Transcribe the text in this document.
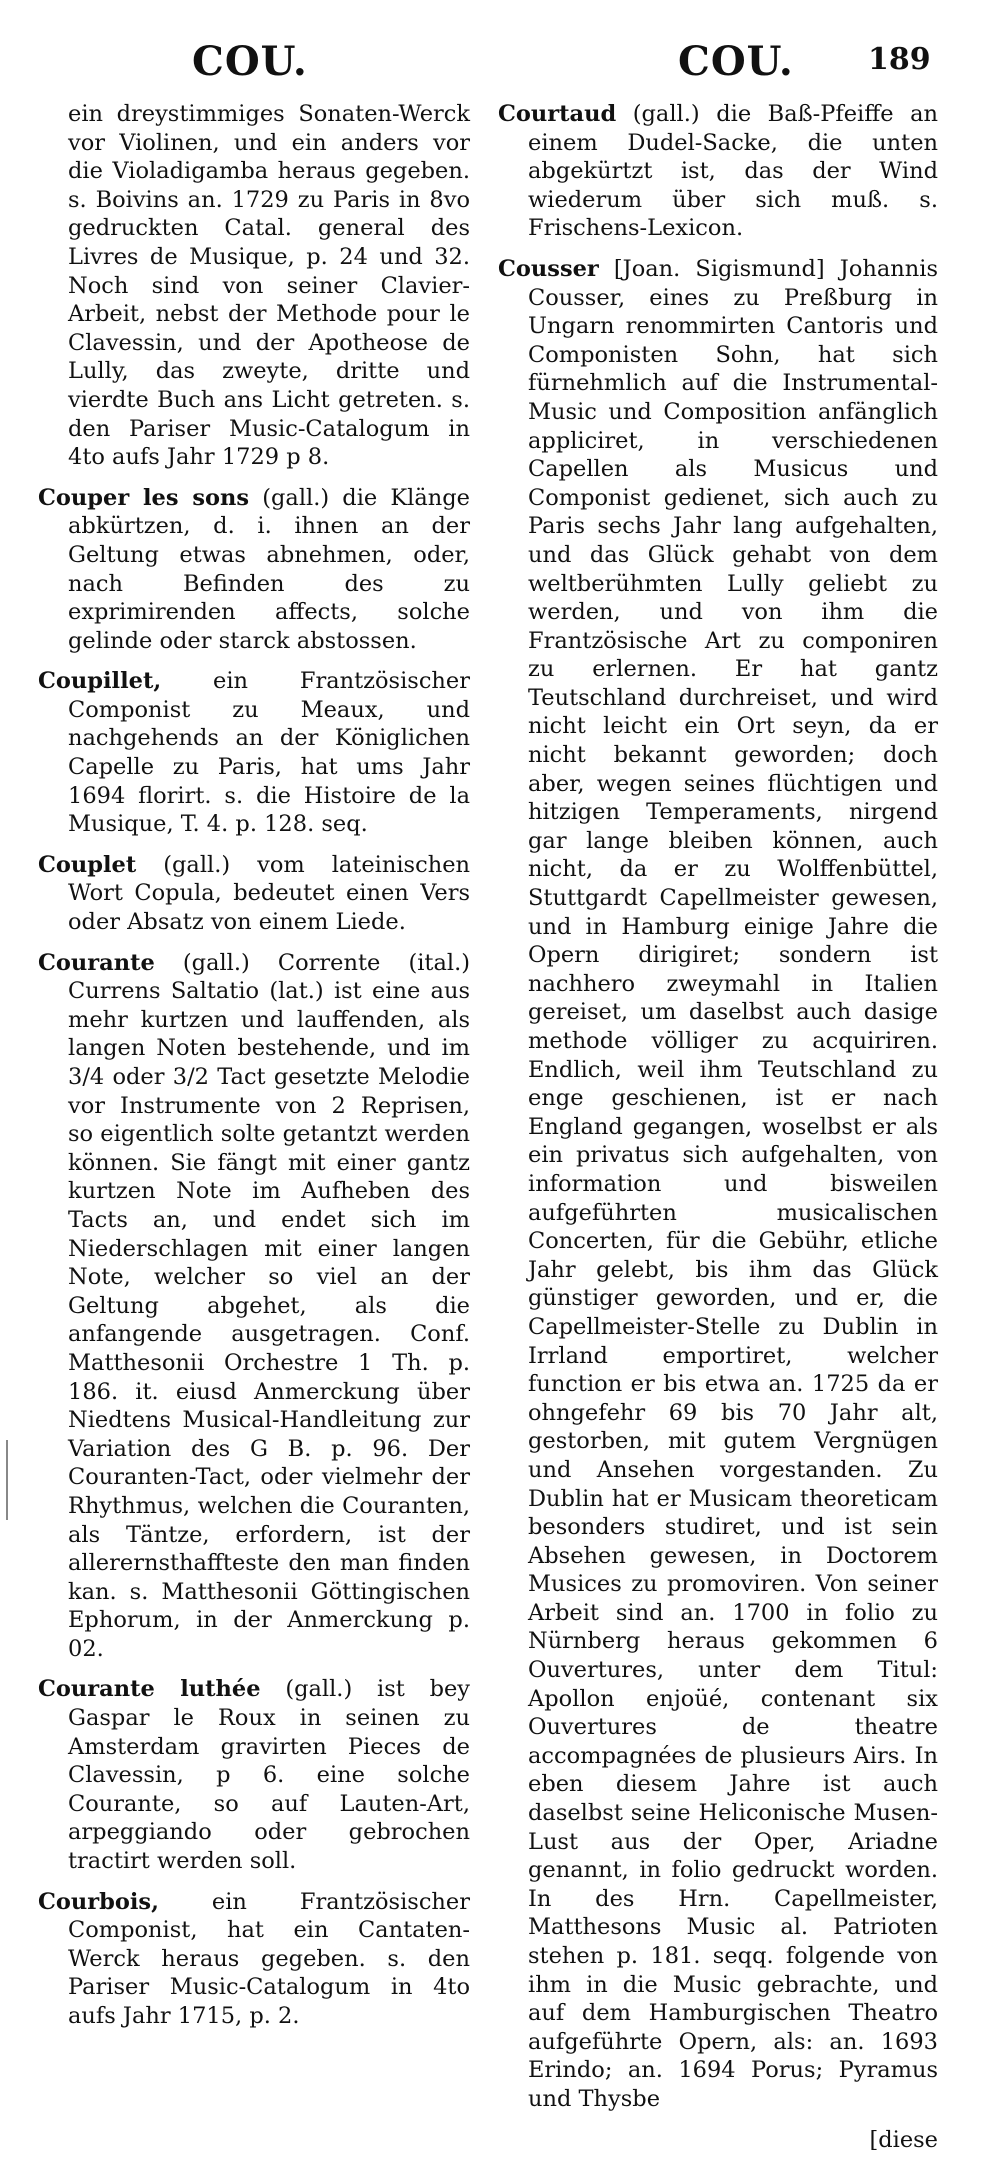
COU.	COU. 189

ein dreystimmiges Sonaten-Werck vor Violinen, und ein anders vor die Violadigamba heraus gegeben. s. Boivins an. 1729 zu Paris in 8vo gedruckten Catal. general des Livres de Musique, p. 24 und 32. Noch sind von seiner Clavier-Arbeit, nebst der Methode pour le Clavessin, und der Apotheose de Lully, das zweyte, dritte und vierdte Buch ans Licht getreten. s. den Pariser Music-Catalogum in 4to aufs Jahr 1729 p 8.

Couper les sons (gall.) die Klänge abkürtzen, d. i. ihnen an der Geltung etwas abnehmen, oder, nach Befinden des zu exprimirenden affects, solche gelinde oder starck abstossen.

Coupillet, ein Frantzösischer Componist zu Meaux, und nachgehends an der Königlichen Capelle zu Paris, hat ums Jahr 1694 florirt. s. die Histoire de la Musique, T. 4. p. 128. seq.

Couplet (gall.) vom lateinischen Wort Copula, bedeutet einen Vers oder Absatz von einem Liede.

Courante (gall.) Corrente (ital.) Currens Saltatio (lat.) ist eine aus mehr kurtzen und lauffenden, als langen Noten bestehende, und im 3/4 oder 3/2 Tact gesetzte Melodie vor Instrumente von 2 Reprisen, so eigentlich solte getantzt werden können. Sie fängt mit einer gantz kurtzen Note im Aufheben des Tacts an, und endet sich im Niederschlagen mit einer langen Note, welcher so viel an der Geltung abgehet, als die anfangende ausgetragen. Conf. Matthesonii Orchestre 1 Th. p. 186. it. eiusd Anmerckung über Niedtens Musical-Handleitung zur Variation des G B. p. 96. Der Couranten-Tact, oder vielmehr der Rhythmus, welchen die Couranten, als Täntze, erfordern, ist der allerernsthaffteste den man finden kan. s. Matthesonii Göttingischen Ephorum, in der Anmerckung p. 02.

Courante luthée (gall.) ist bey Gaspar le Roux in seinen zu Amsterdam gravirten Pieces de Clavessin, p 6. eine solche Courante, so auf Lauten-Art, arpeggiando oder gebrochen tractirt werden soll.

Courbois, ein Frantzösischer Componist, hat ein Cantaten-Werck heraus gegeben. s. den Pariser Music-Catalogum in 4to aufs Jahr 1715, p. 2.

Courtaud (gall.) die Baß-Pfeiffe an einem Dudel-Sacke, die unten abgekürtzt ist, das der Wind wiederum über sich muß. s. Frischens-Lexicon.

Cousser [Joan. Sigismund] Johannis Cousser, eines zu Preßburg in Ungarn renommirten Cantoris und Componisten Sohn, hat sich fürnehmlich auf die Instrumental-Music und Composition anfänglich appliciret, in verschiedenen Capellen als Musicus und Componist gedienet, sich auch zu Paris sechs Jahr lang aufgehalten, und das Glück gehabt von dem weltberühmten Lully geliebt zu werden, und von ihm die Frantzösische Art zu componiren zu erlernen. Er hat gantz Teutschland durchreiset, und wird nicht leicht ein Ort seyn, da er nicht bekannt geworden; doch aber, wegen seines flüchtigen und hitzigen Temperaments, nirgend gar lange bleiben können, auch nicht, da er zu Wolffenbüttel, Stuttgardt Capellmeister gewesen, und in Hamburg einige Jahre die Opern dirigiret; sondern ist nachhero zweymahl in Italien gereiset, um daselbst auch dasige methode völliger zu acquiriren. Endlich, weil ihm Teutschland zu enge geschienen, ist er nach England gegangen, woselbst er als ein privatus sich aufgehalten, von information und bisweilen aufgeführten musicalischen Concerten, für die Gebühr, etliche Jahr gelebt, bis ihm das Glück günstiger geworden, und er, die Capellmeister-Stelle zu Dublin in Irrland emportiret, welcher function er bis etwa an. 1725 da er ohngefehr 69 bis 70 Jahr alt, gestorben, mit gutem Vergnügen und Ansehen vorgestanden. Zu Dublin hat er Musicam theoreticam besonders studiret, und ist sein Absehen gewesen, in Doctorem Musices zu promoviren. Von seiner Arbeit sind an. 1700 in folio zu Nürnberg heraus gekommen 6 Ouvertures, unter dem Titul: Apollon enjoüé, contenant six Ouvertures de theatre accompagnées de plusieurs Airs. In eben diesem Jahre ist auch daselbst seine Heliconische Musen-Lust aus der Oper, Ariadne genannt, in folio gedruckt worden. In des Hrn. Capellmeister, Matthesons Music al. Patrioten stehen p. 181. seqq. folgende von ihm in die Music gebrachte, und auf dem Hamburgischen Theatro aufgeführte Opern, als: an. 1693 Erindo; an. 1694 Porus; Pyramus und Thysbe

[diese
